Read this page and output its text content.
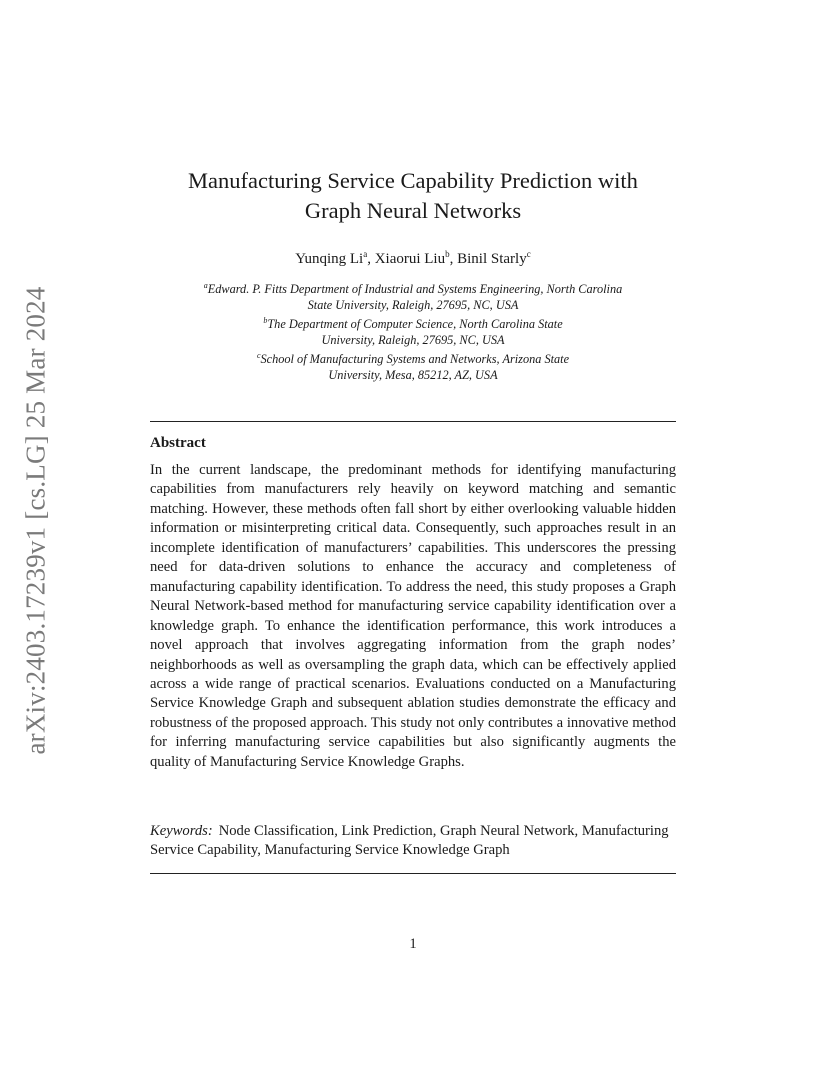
arXiv:2403.17239v1 [cs.LG] 25 Mar 2024
Manufacturing Service Capability Prediction with
Graph Neural Networks
Yunqing Li$^a$, Xiaorui Liu$^b$, Binil Starly$^c$
$^a$Edward. P. Fitts Department of Industrial and Systems Engineering, North Carolina
State University, Raleigh, 27695, NC, USA
$^b$The Department of Computer Science, North Carolina State
University, Raleigh, 27695, NC, USA
$^c$School of Manufacturing Systems and Networks, Arizona State
University, Mesa, 85212, AZ, USA
Abstract

In the current landscape, the predominant methods for identifying manufacturing capabilities from manufacturers rely heavily on keyword matching and semantic matching. However, these methods often fall short by either overlooking valuable hidden information or misinterpreting critical data. Consequently, such approaches result in an incomplete identification of manufacturers’ capabilities. This underscores the pressing need for data-driven solutions to enhance the accuracy and completeness of manufacturing capability identification. To address the need, this study proposes a Graph Neural Network-based method for manufacturing service capability identification over a knowledge graph. To enhance the identification performance, this work introduces a novel approach that involves aggregating information from the graph nodes’ neighborhoods as well as oversampling the graph data, which can be effectively applied across a wide range of practical scenarios. Evaluations conducted on a Manufacturing Service Knowledge Graph and subsequent ablation studies demonstrate the efficacy and robustness of the proposed approach. This study not only contributes a innovative method for inferring manufacturing service capabilities but also significantly augments the quality of Manufacturing Service Knowledge Graphs.

Keywords: Node Classification, Link Prediction, Graph Neural Network, Manufacturing Service Capability, Manufacturing Service Knowledge Graph

1
